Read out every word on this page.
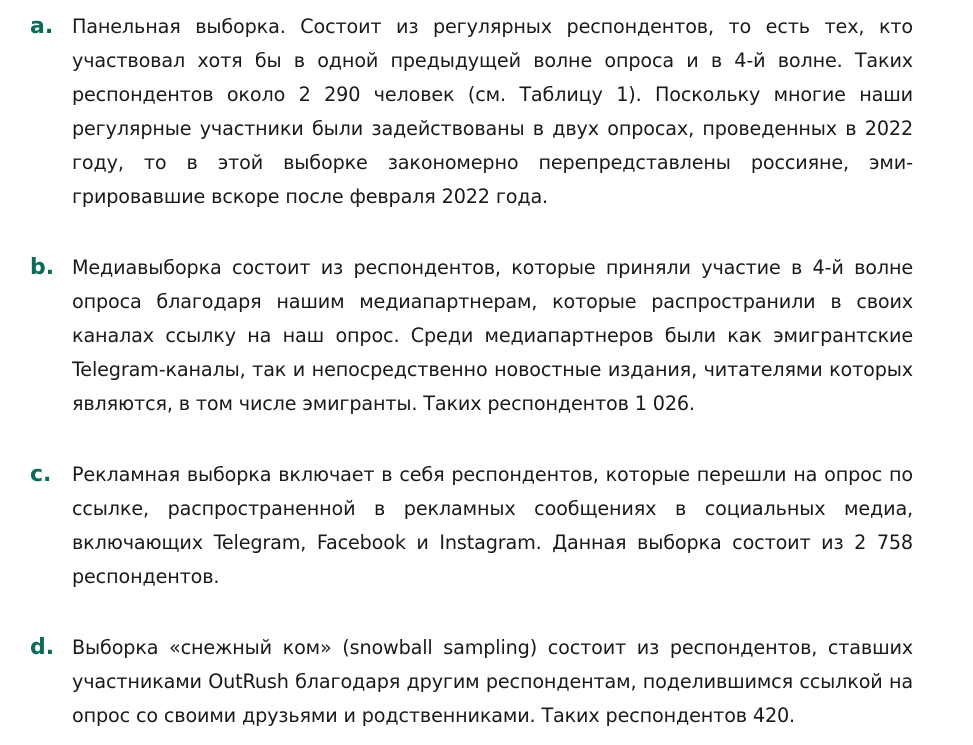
a. Панельная выборка. Состоит из регулярных респондентов, то есть тех, кто участвовал хотя бы в одной предыдущей волне опроса и в 4-й волне. Таких респондентов около 2 290 человек (см. Таблицу 1). Поскольку многие наши регулярные участники были задействованы в двух опросах, проведенных в 2022 году, то в этой выборке закономерно перепредставлены россияне, эмигрировавшие вскоре после февраля 2022 года.
b. Медиавыборка состоит из респондентов, которые приняли участие в 4-й волне опроса благодаря нашим медиапартнерам, которые распространили в своих каналах ссылку на наш опрос. Среди медиапартнеров были как эмигрантские Telegram-каналы, так и непосредственно новостные издания, читателями которых являются, в том числе эмигранты. Таких респондентов 1 026.
c.	Рекламная выборка включает в себя респондентов, которые перешли на опрос по ссылке, распространенной в рекламных сообщениях в социальных медиа, включающих Telegram, Facebook и Instagram. Данная выборка состоит из 2 758 респондентов.
d. Выборка «снежный ком» (snowball sampling) состоит из респондентов, ставших участниками OutRush благодаря другим респондентам, поделившимся ссылкой на опрос со своими друзьями и родственниками. Таких респондентов 420.
